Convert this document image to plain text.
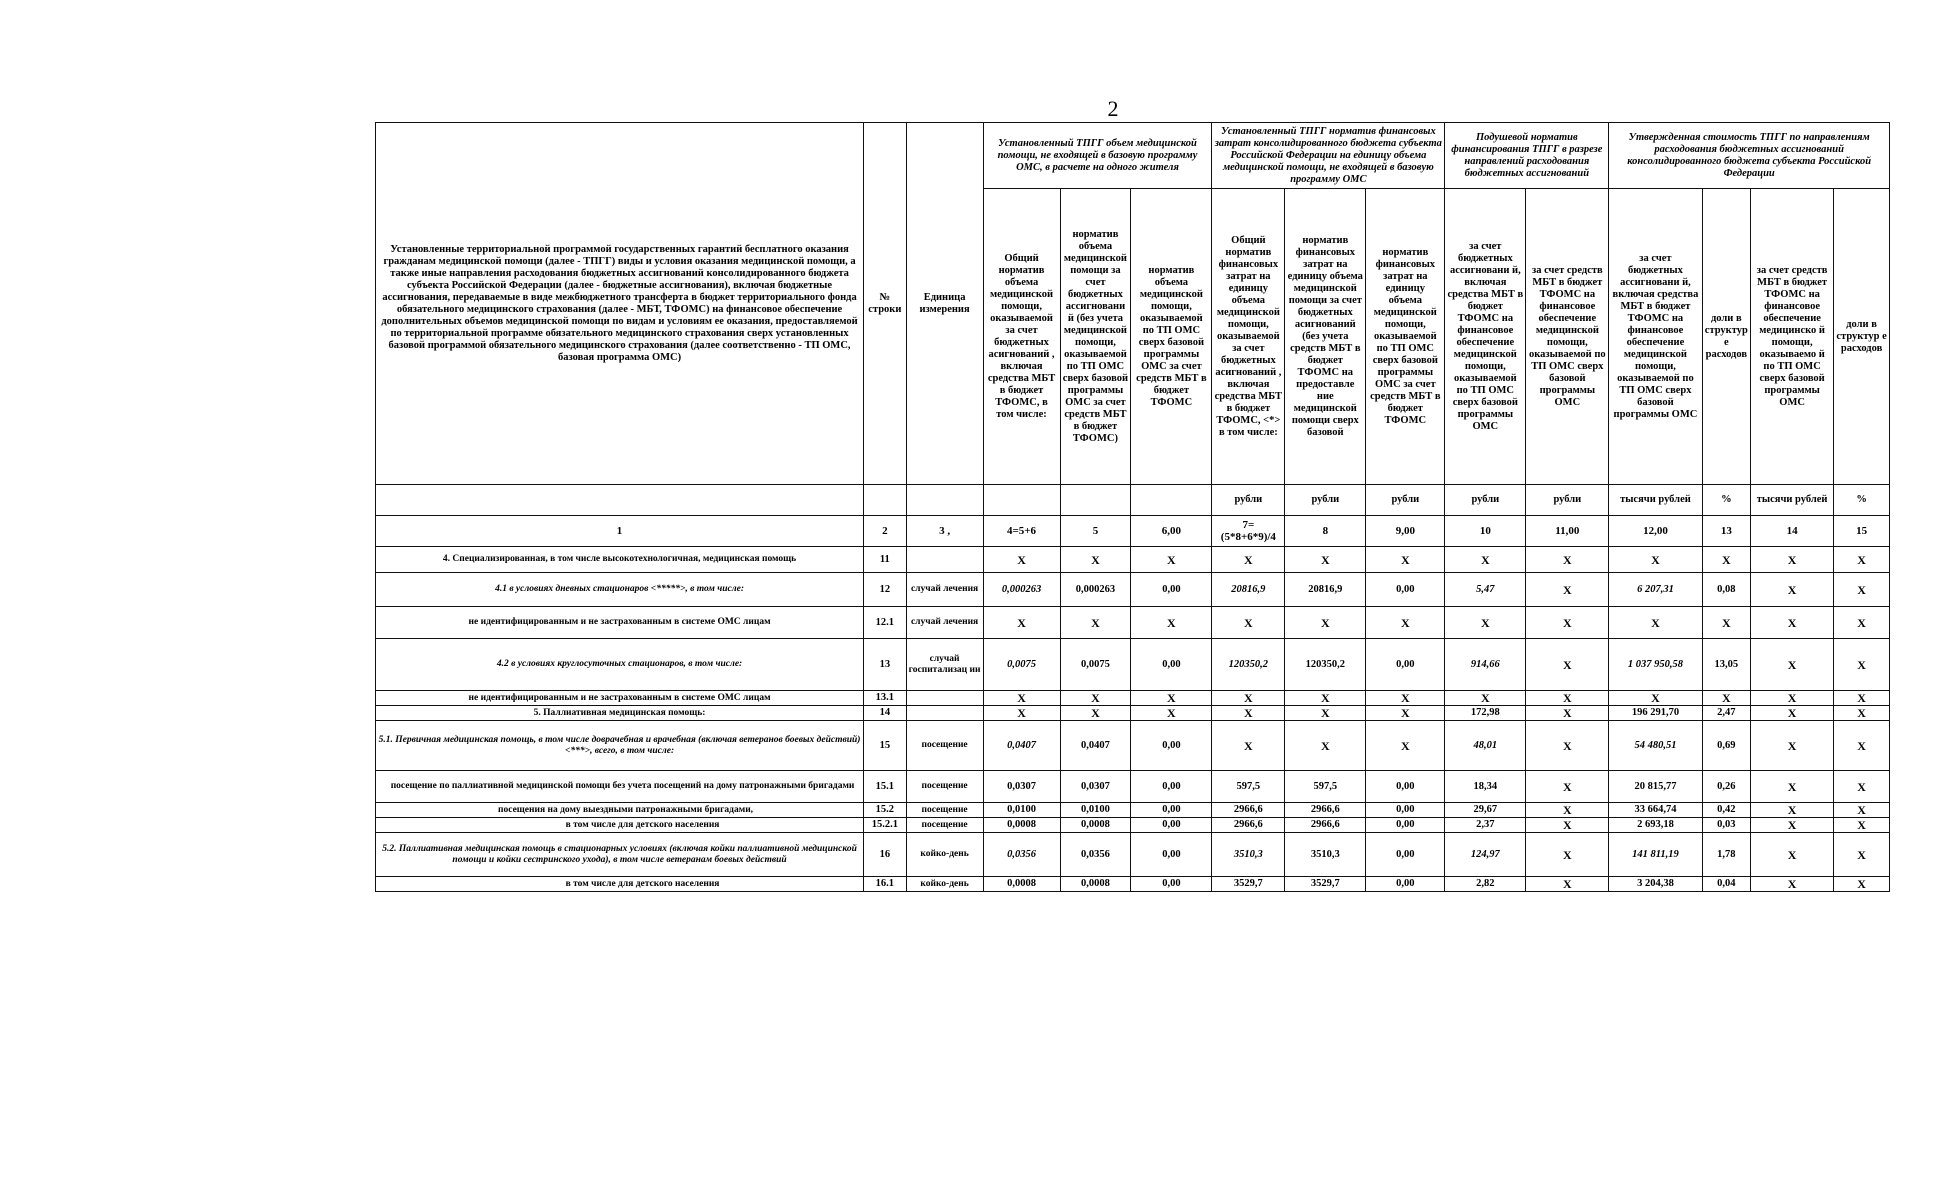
2
Установленные территориальной программой государственных гарантий бесплатного оказания гражданам медицинской помощи (далее - ТПГГ) виды и условия оказания медицинской помощи, а также иные направления расходования бюджетных ассигнований консолидированного бюджета субъекта Российской Федерации (далее - бюджетные ассигнования), включая бюджетные ассигнования, передаваемые в виде межбюджетного трансферта в бюджет территориального фонда обязательного медицинского страхования (далее - МБТ, ТФОМС) на финансовое обеспечение дополнительных объемов медицинской помощи по видам и условиям ее оказания, предоставляемой по территориальной программе обязательного медицинского страхования сверх установленных базовой программой обязательного медицинского страхования (далее соответственно - ТП ОМС, базовая программа ОМС)	№ строки	Единица измерения	Установленный ТПГГ объем медицинской помощи, не входящей в базовую программу ОМС, в расчете на одного жителя			Установленный ТПГГ норматив финансовых затрат консолидированного бюджета субъекта Российской Федерации на единицу объема медицинской помощи, не входящей в базовую программу ОМС			Подушевой норматив финансирования ТПГГ в разрезе направлений расходования бюджетных ассигнований		Утвержденная стоимость ТПГГ по направлениям расходования бюджетных ассигнований консолидированного бюджета субъекта Российской Федерации			
			Общий норматив объема медицинской помощи, оказываемой за счет бюджетных асигнований , включая средства МБТ в бюджет ТФОМС, в том числе:	норматив объема медицинской помощи за счет бюджетных ассигновани й (без учета медицинской помощи, оказываемой по ТП ОМС сверх базовой программы ОМС за счет средств МБТ в бюджет ТФОМС)	норматив объема медицинской помощи, оказываемой по ТП ОМС сверх базовой программы ОМС за счет средств МБТ в бюджет ТФОМС	Общий норматив финансовых затрат на единицу объема медицинской помощи, оказываемой за счет бюджетных асигнований , включая средства МБТ в бюджет ТФОМС, <*> в том числе:	норматив финансовых затрат на единицу объема медицинской помощи за счет бюджетных асигнований (без учета средств МБТ в бюджет ТФОМС на предоставле ние медицинской помощи сверх базовой	норматив финансовых затрат на единицу объема медицинской помощи, оказываемой по ТП ОМС сверх базовой программы ОМС за счет средств МБТ в бюджет ТФОМС	за счет бюджетных ассигновани й, включая средства МБТ в бюджет ТФОМС на финансовое обеспечение медицинской помощи, оказываемой по ТП ОМС сверх базовой программы ОМС	за счет средств МБТ в бюджет ТФОМС на финансовое обеспечение медицинской помощи, оказываемой по ТП ОМС сверх базовой программы ОМС	за счет бюджетных ассигновани й, включая средства МБТ в бюджет ТФОМС на финансовое обеспечение медицинской помощи, оказываемой по ТП ОМС сверх базовой программы ОМС	доли в структур е расходов	за счет средств МБТ в бюджет ТФОМС на финансовое обеспечение медицинско й помощи, оказываемо й по ТП ОМС сверх базовой программы ОМС	доли в структур е расходов
						рубли	рубли	рубли	рубли	рубли	тысячи рублей	%	тысячи рублей	%
1	2	3 ,	4=5+6	5	6,00	7= (5*8+6*9)/4	8	9,00	10	11,00	12,00	13	14	15
4. Специализированная, в том числе высокотехнологичная, медицинская помощь	11		X	X	X	X	X	X	X	X	X	X	X	X
4.1 в условиях дневных стационаров <*****>, в том числе:	12	случай лечения	0,000263	0,000263	0,00	20816,9	20816,9	0,00	5,47	X	6 207,31	0,08	X	X
не идентифицированным и не застрахованным в системе ОМС лицам	12.1	случай лечения	X	X	X	X	X	X	X	X	X	X	X	X
4.2 в условиях круглосуточных стационаров, в том числе:	13	случай госпитализац ии	0,0075	0,0075	0,00	120350,2	120350,2	0,00	914,66	X	1 037 950,58	13,05	X	X
не идентифицированным и не застрахованным в системе ОМС лицам	13.1		X	X	X	X	X	X	X	X	X	X	X	X
5. Паллиативная медицинская помощь:	14		X	X	X	X	X	X	172,98	X	196 291,70	2,47	X	X
5.1. Первичная медицинская помощь, в том числе доврачебная и врачебная (включая ветеранов боевых действий) <***>, всего, в том числе:	15	посещение	0,0407	0,0407	0,00	X	X	X	48,01	X	54 480,51	0,69	X	X
посещение по паллиативной медицинской помощи без учета посещений на дому патронажными бригадами	15.1	посещение	0,0307	0,0307	0,00	597,5	597,5	0,00	18,34	X	20 815,77	0,26	X	X
посещения на дому выездными патронажными бригадами,	15.2	посещение	0,0100	0,0100	0,00	2966,6	2966,6	0,00	29,67	X	33 664,74	0,42	X	X
в том числе для детского населения	15.2.1	посещение	0,0008	0,0008	0,00	2966,6	2966,6	0,00	2,37	X	2 693,18	0,03	X	X
5.2. Паллиативная медицинская помощь в стационарных условиях (включая койки паллиативной медицинской помощи и койки сестринского ухода), в том числе ветеранам боевых действий	16	койко-день	0,0356	0,0356	0,00	3510,3	3510,3	0,00	124,97	X	141 811,19	1,78	X	X
в том числе для детского населения	16.1	койко-день	0,0008	0,0008	0,00	3529,7	3529,7	0,00	2,82	X	3 204,38	0,04	X	X
